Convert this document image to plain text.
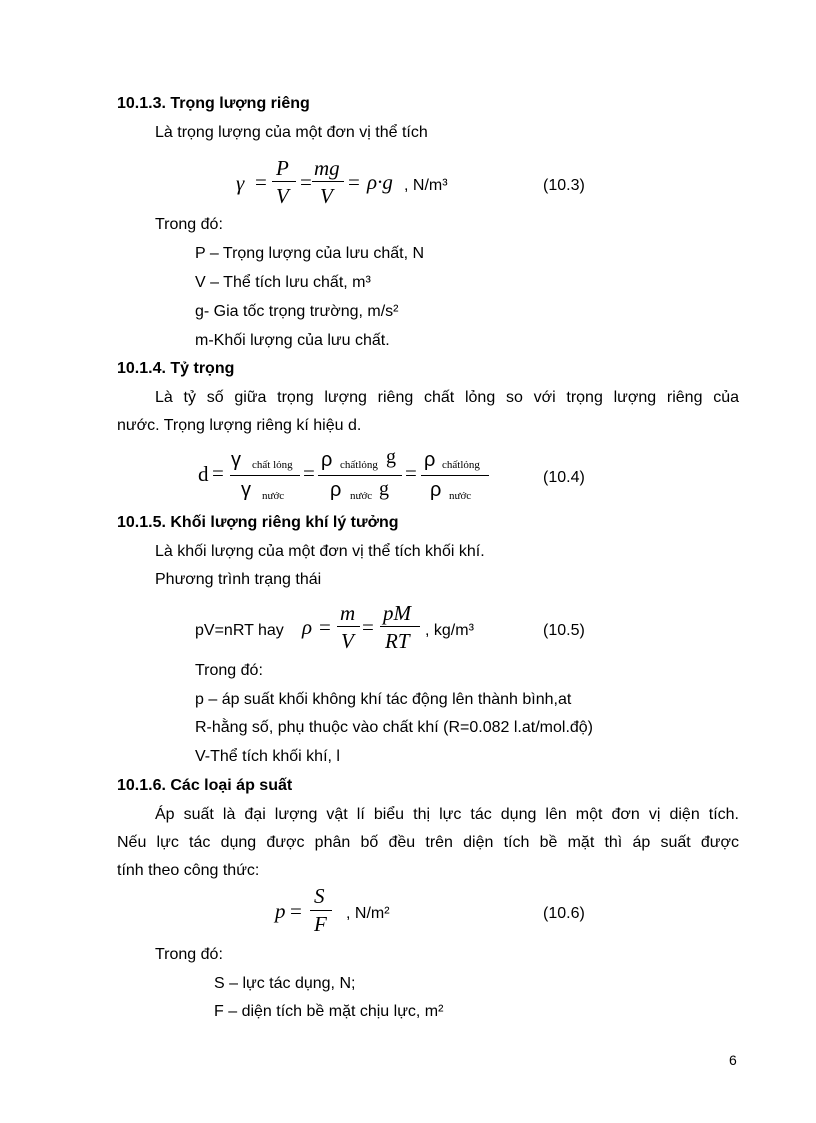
10.1.3. Trọng lượng riêng
Là trọng lượng của một đơn vị thể tích
γ =
P
V
=
mg
V
= ρ·g , N/m³	(10.3)
Trong đó:
P – Trọng lượng của lưu chất, N
V – Thể tích lưu chất, m³
g- Gia tốc trọng trường, m/s²
m-Khối lượng của lưu chất.
10.1.4. Tỷ trọng
Là tỷ số giữa trọng lượng riêng chất lỏng so với trọng lượng riêng của
nước. Trọng lượng riêng kí hiệu d.
d =
γ chất lỏng
γ nước
=
ρ chấtlỏng g
ρ nước g
=
ρ chấtlỏng
ρ nước
(10.4)
10.1.5. Khối lượng riêng khí lý tưởng
Là khối lượng của một đơn vị thể tích khối khí.
Phương trình trạng thái
pV=nRT hay ρ =
m
V
=
pM
RT , kg/m³	(10.5)
Trong đó:
p – áp suất khối không khí tác động lên thành bình,at
R-hằng số, phụ thuộc vào chất khí (R=0.082 l.at/mol.độ)
V-Thể tích khối khí, l
10.1.6. Các loại áp suất
Áp suất là đại lượng vật lí biểu thị lực tác dụng lên một đơn vị diện tích.
Nếu lực tác dụng được phân bố đều trên diện tích bề mặt thì áp suất được
tính theo công thức:
p =
S
F , N/m²	(10.6)
Trong đó:
S – lực tác dụng, N;
F – diện tích bề mặt chịu lực, m²
6
